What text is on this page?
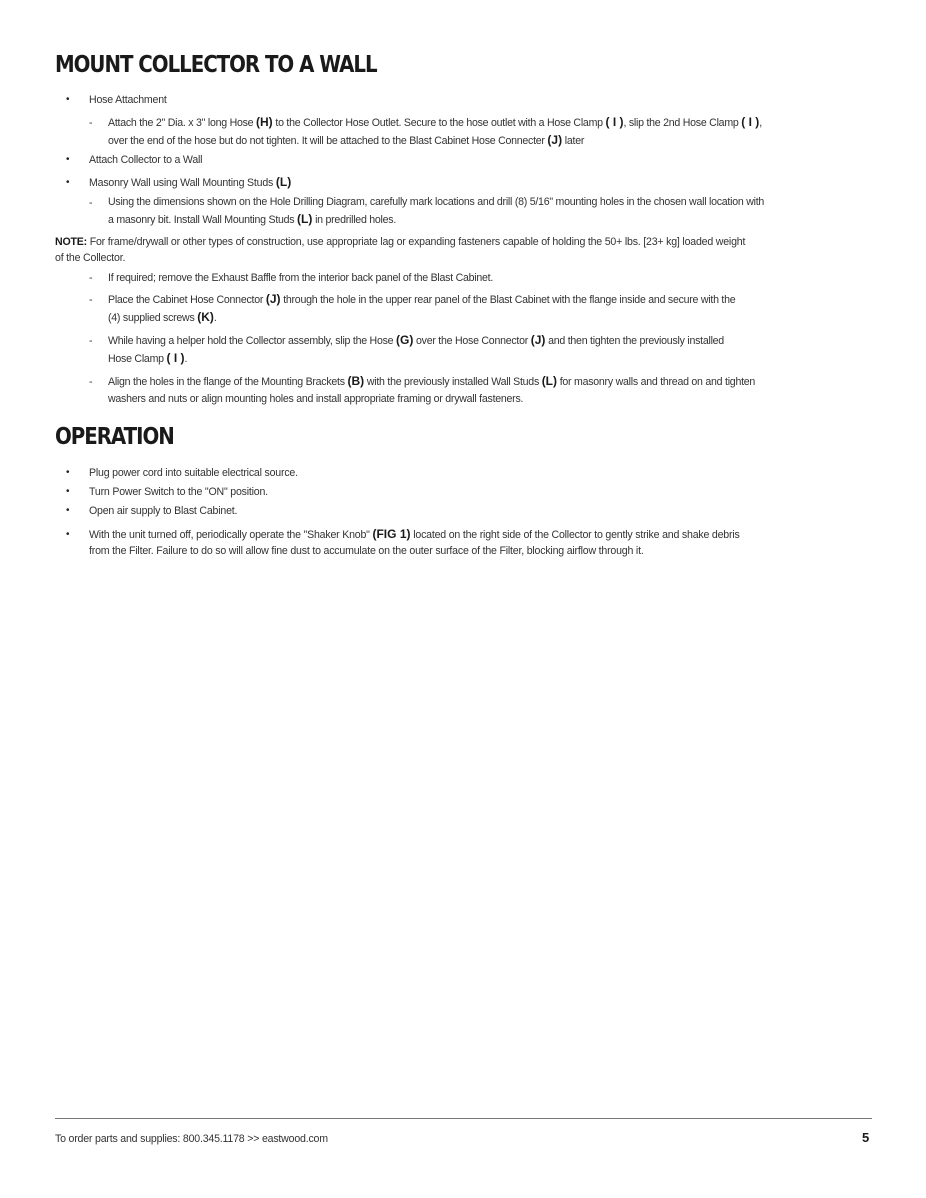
MOUNT COLLECTOR TO A WALL
•	Hose Attachment
- Attach the 2" Dia. x 3" long Hose (H) to the Collector Hose Outlet. Secure to the hose outlet with a Hose Clamp ( I ), slip the 2nd Hose Clamp ( I ),
over the end of the hose but do not tighten. It will be attached to the Blast Cabinet Hose Connecter (J) later
•	Attach Collector to a Wall
•	Masonry Wall using Wall Mounting Studs (L)
- Using the dimensions shown on the Hole Drilling Diagram, carefully mark locations and drill (8) 5/16" mounting holes in the chosen wall location with
a masonry bit. Install Wall Mounting Studs (L) in predrilled holes.
NOTE: For frame/drywall or other types of construction, use appropriate lag or expanding fasteners capable of holding the 50+ lbs. [23+ kg] loaded weight
of the Collector.
- If required; remove the Exhaust Baffle from the interior back panel of the Blast Cabinet.
- Place the Cabinet Hose Connector (J) through the hole in the upper rear panel of the Blast Cabinet with the flange inside and secure with the
(4) supplied screws (K).
- While having a helper hold the Collector assembly, slip the Hose (G) over the Hose Connector (J) and then tighten the previously installed
Hose Clamp ( I ).
- Align the holes in the flange of the Mounting Brackets (B) with the previously installed Wall Studs (L) for masonry walls and thread on and tighten
washers and nuts or align mounting holes and install appropriate framing or drywall fasteners.
OPERATION
•	Plug power cord into suitable electrical source.
•	Turn Power Switch to the "ON" position.
•	Open air supply to Blast Cabinet.
•	With the unit turned off, periodically operate the "Shaker Knob" (FIG 1) located on the right side of the Collector to gently strike and shake debris
from the Filter. Failure to do so will allow fine dust to accumulate on the outer surface of the Filter, blocking airflow through it.
To order parts and supplies: 800.345.1178 >> eastwood.com	5
